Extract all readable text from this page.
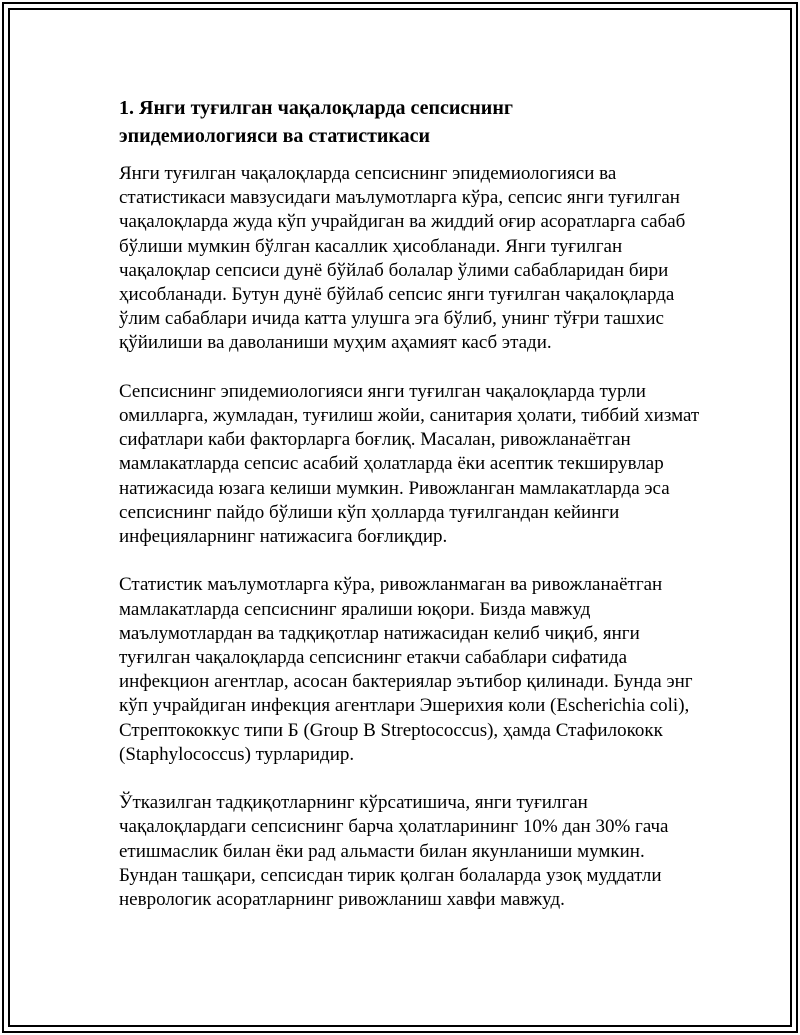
1. Янги туғилган чақалоқларда сепсиснинг
эпидемиологияси ва статистикаси

Янги туғилган чақалоқларда сепсиснинг эпидемиологияси ва
статистикаси мавзусидаги маълумотларга кўра, сепсис янги туғилган
чақалоқларда жуда кўп учрайдиган ва жиддий оғир асоратларга сабаб
бўлиши мумкин бўлган касаллик ҳисобланади. Янги туғилган
чақалоқлар сепсиси дунё бўйлаб болалар ўлими сабабларидан бири
ҳисобланади. Бутун дунё бўйлаб сепсис янги туғилган чақалоқларда
ўлим сабаблари ичида катта улушга эга бўлиб, унинг тўғри ташхис
қўйилиши ва даволаниши муҳим аҳамият касб этади.

Сепсиснинг эпидемиологияси янги туғилган чақалоқларда турли
омилларга, жумладан, туғилиш жойи, санитария ҳолати, тиббий хизмат
сифатлари каби факторларга боғлиқ. Масалан, ривожланаётган
мамлакатларда сепсис асабий ҳолатларда ёки асептик текширувлар
натижасида юзага келиши мумкин. Ривожланган мамлакатларда эса
сепсиснинг пайдо бўлиши кўп ҳолларда туғилгандан кейинги
инфецияларнинг натижасига боғлиқдир.

Статистик маълумотларга кўра, ривожланмаган ва ривожланаётган
мамлакатларда сепсиснинг яралиши юқори. Бизда мавжуд
маълумотлардан ва тадқиқотлар натижасидан келиб чиқиб, янги
туғилган чақалоқларда сепсиснинг етакчи сабаблари сифатида
инфекцион агентлар, асосан бактериялар эътибор қилинади. Бунда энг
кўп учрайдиган инфекция агентлари Эшерихия коли (Escherichia coli),
Стрептококкус типи Б (Group B Streptococcus), ҳамда Стафилококк
(Staphylococcus) турларидир.

Ўтказилган тадқиқотларнинг кўрсатишича, янги туғилган
чақалоқлардаги сепсиснинг барча ҳолатларининг 10% дан 30% гача
етишмаслик билан ёки рад альмасти билан якунланиши мумкин.
Бундан ташқари, сепсисдан тирик қолган болаларда узоқ муддатли
неврологик асоратларнинг ривожланиш хавфи мавжуд.
